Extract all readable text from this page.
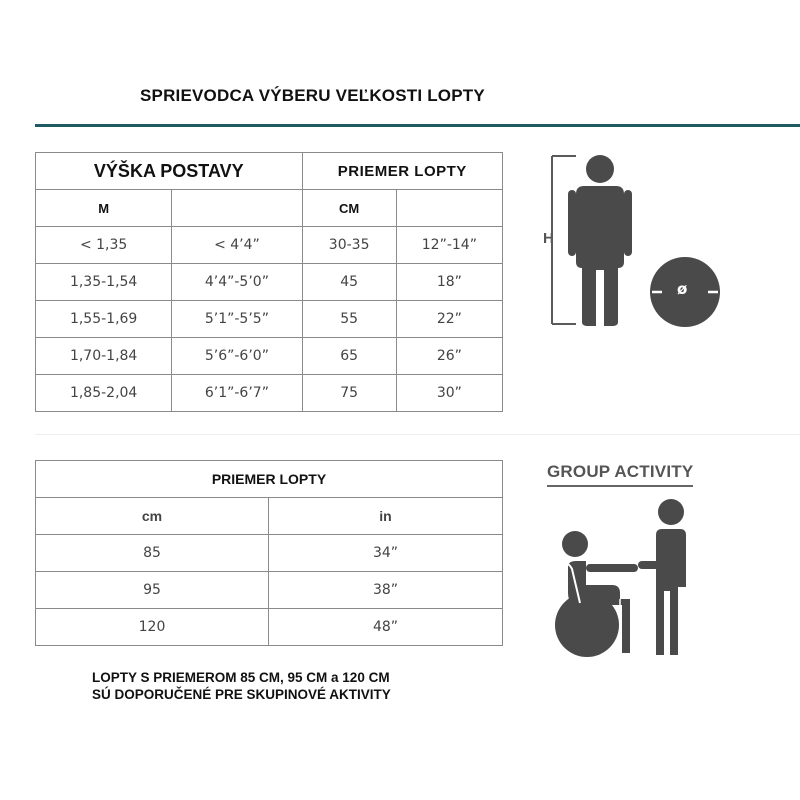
SPRIEVODCA VÝBERU VEĽKOSTI LOPTY
VÝŠKA POSTAVY		PRIEMER LOPTY	
M		CM	
< 1,35	< 4’4”	30-35	12”-14”
1,35-1,54	4’4”-5’0”	45	18”
1,55-1,69	5’1”-5’5”	55	22”
1,70-1,84	5’6”-6’0”	65	26”
1,85-2,04	6’1”-6’7”	75	30”
H
ø
PRIEMER LOPTY	
cm	in
85	34”
95	38”
120	48”
GROUP ACTIVITY
LOPTY S PRIEMEROM 85 CM, 95 CM a 120 CM
SÚ DOPORUČENÉ PRE SKUPINOVÉ AKTIVITY
